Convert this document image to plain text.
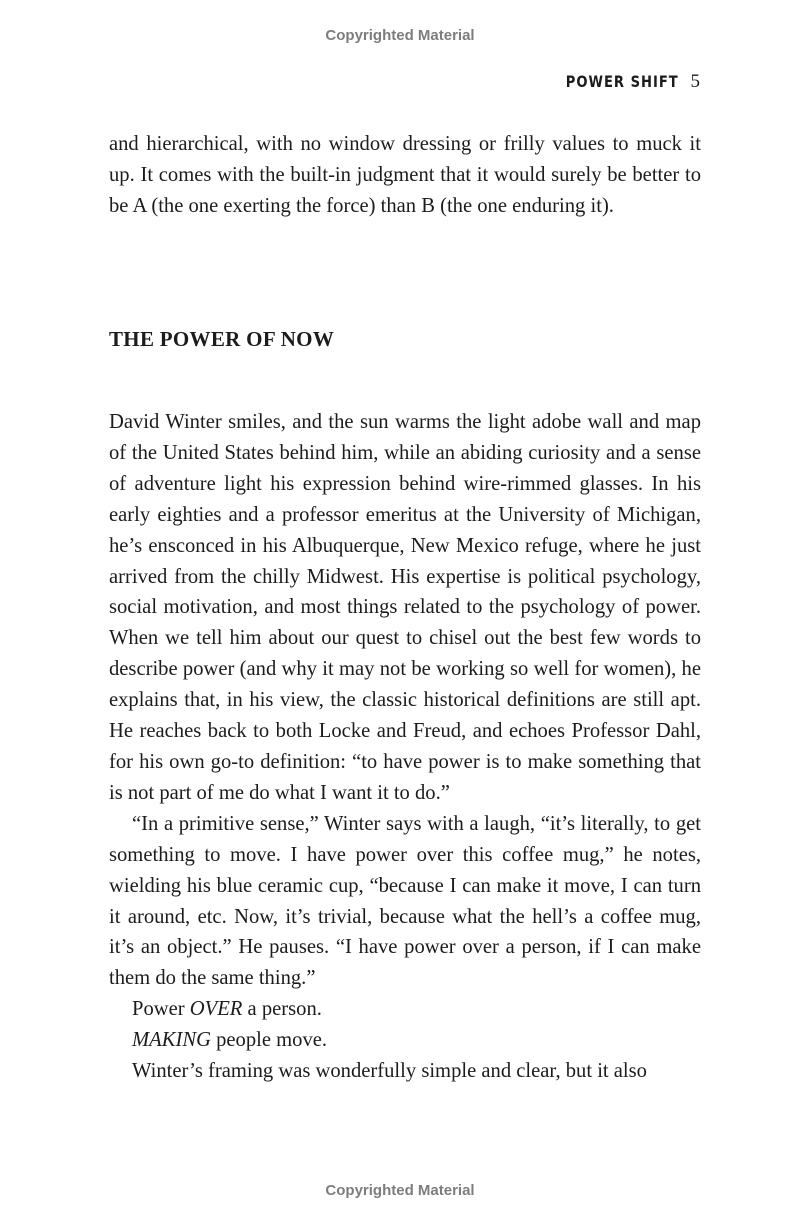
Copyrighted Material
POWER SHIFT 5

and hierarchical, with no window dressing or frilly values to muck it up. It comes with the built-in judgment that it would surely be better to be A (the one exerting the force) than B (the one enduring it).

THE POWER OF NOW

David Winter smiles, and the sun warms the light adobe wall and map of the United States behind him, while an abiding curiosity and a sense of adventure light his expression behind wire-rimmed glasses. In his early eighties and a professor emeritus at the University of Michigan, he’s ensconced in his Albuquerque, New Mexico refuge, where he just arrived from the chilly Midwest. His expertise is political psychology, social motivation, and most things related to the psychology of power. When we tell him about our quest to chisel out the best few words to describe power (and why it may not be working so well for women), he explains that, in his view, the classic historical definitions are still apt. He reaches back to both Locke and Freud, and echoes Professor Dahl, for his own go-to definition: “to have power is to make something that is not part of me do what I want it to do.”

“In a primitive sense,” Winter says with a laugh, “it’s literally, to get something to move. I have power over this coffee mug,” he notes, wielding his blue ceramic cup, “because I can make it move, I can turn it around, etc. Now, it’s trivial, because what the hell’s a coffee mug, it’s an object.” He pauses. “I have power over a person, if I can make them do the same thing.”

Power OVER a person.

MAKING people move.

Winter’s framing was wonderfully simple and clear, but it also

Copyrighted Material
